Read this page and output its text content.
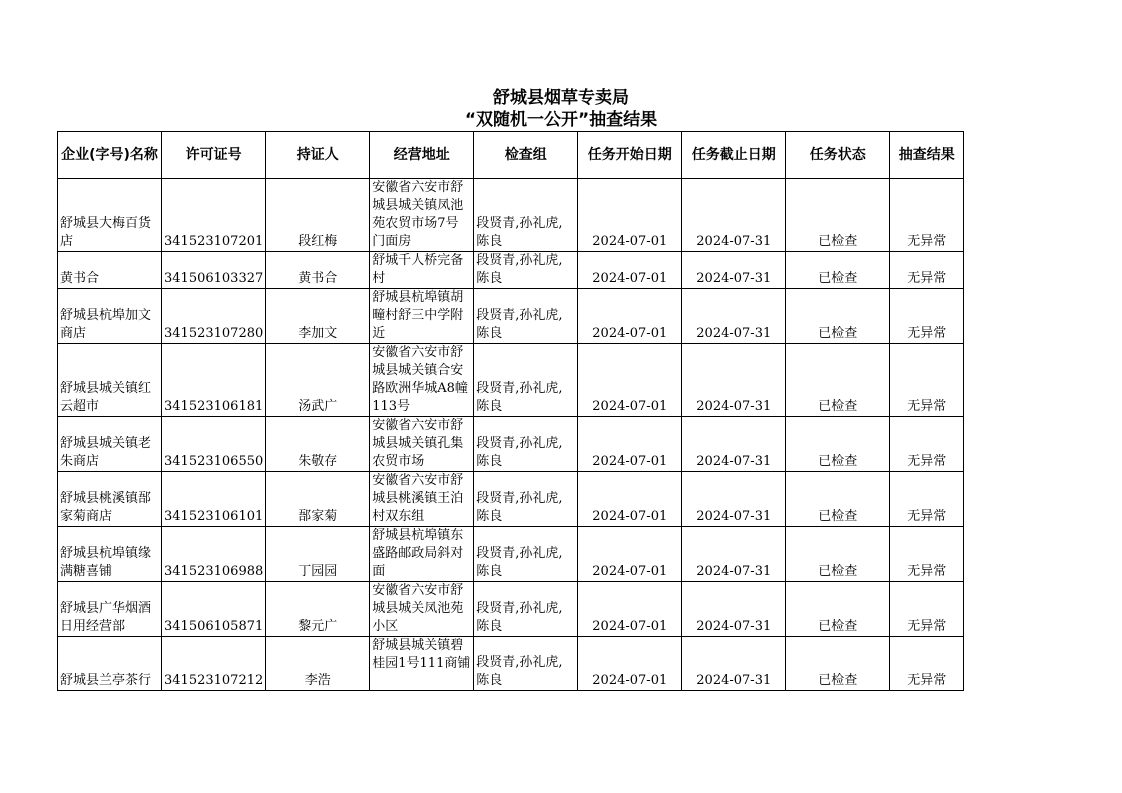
舒城县烟草专卖局
“双随机一公开”抽查结果
企业(字号)名称	许可证号	持证人	经营地址	检查组	任务开始日期	任务截止日期	任务状态	抽查结果
舒城县大梅百货店	341523107201	段红梅	安徽省六安市舒城县城关镇凤池苑农贸市场7号门面房	段贤青,孙礼虎,陈良	2024-07-01	2024-07-31	已检查	无异常
黄书合	341506103327	黄书合	舒城千人桥完备村	段贤青,孙礼虎,陈良	2024-07-01	2024-07-31	已检查	无异常
舒城县杭埠加文商店	341523107280	李加文	舒城县杭埠镇胡疃村舒三中学附近	段贤青,孙礼虎,陈良	2024-07-01	2024-07-31	已检查	无异常
舒城县城关镇红云超市	341523106181	汤武广	安徽省六安市舒城县城关镇合安路欧洲华城A8幢113号	段贤青,孙礼虎,陈良	2024-07-01	2024-07-31	已检查	无异常
舒城县城关镇老朱商店	341523106550	朱敬存	安徽省六安市舒城县城关镇孔集农贸市场	段贤青,孙礼虎,陈良	2024-07-01	2024-07-31	已检查	无异常
舒城县桃溪镇郚家菊商店	341523106101	郚家菊	安徽省六安市舒城县桃溪镇王泊村双东组	段贤青,孙礼虎,陈良	2024-07-01	2024-07-31	已检查	无异常
舒城县杭埠镇缘满糖喜铺	341523106988	丁园园	舒城县杭埠镇东盛路邮政局斜对面	段贤青,孙礼虎,陈良	2024-07-01	2024-07-31	已检查	无异常
舒城县广华烟酒日用经营部	341506105871	黎元广	安徽省六安市舒城县城关凤池苑小区	段贤青,孙礼虎,陈良	2024-07-01	2024-07-31	已检查	无异常
舒城县兰亭茶行	341523107212	李浩	舒城县城关镇碧桂园1号111商铺	段贤青,孙礼虎,陈良	2024-07-01	2024-07-31	已检查	无异常
